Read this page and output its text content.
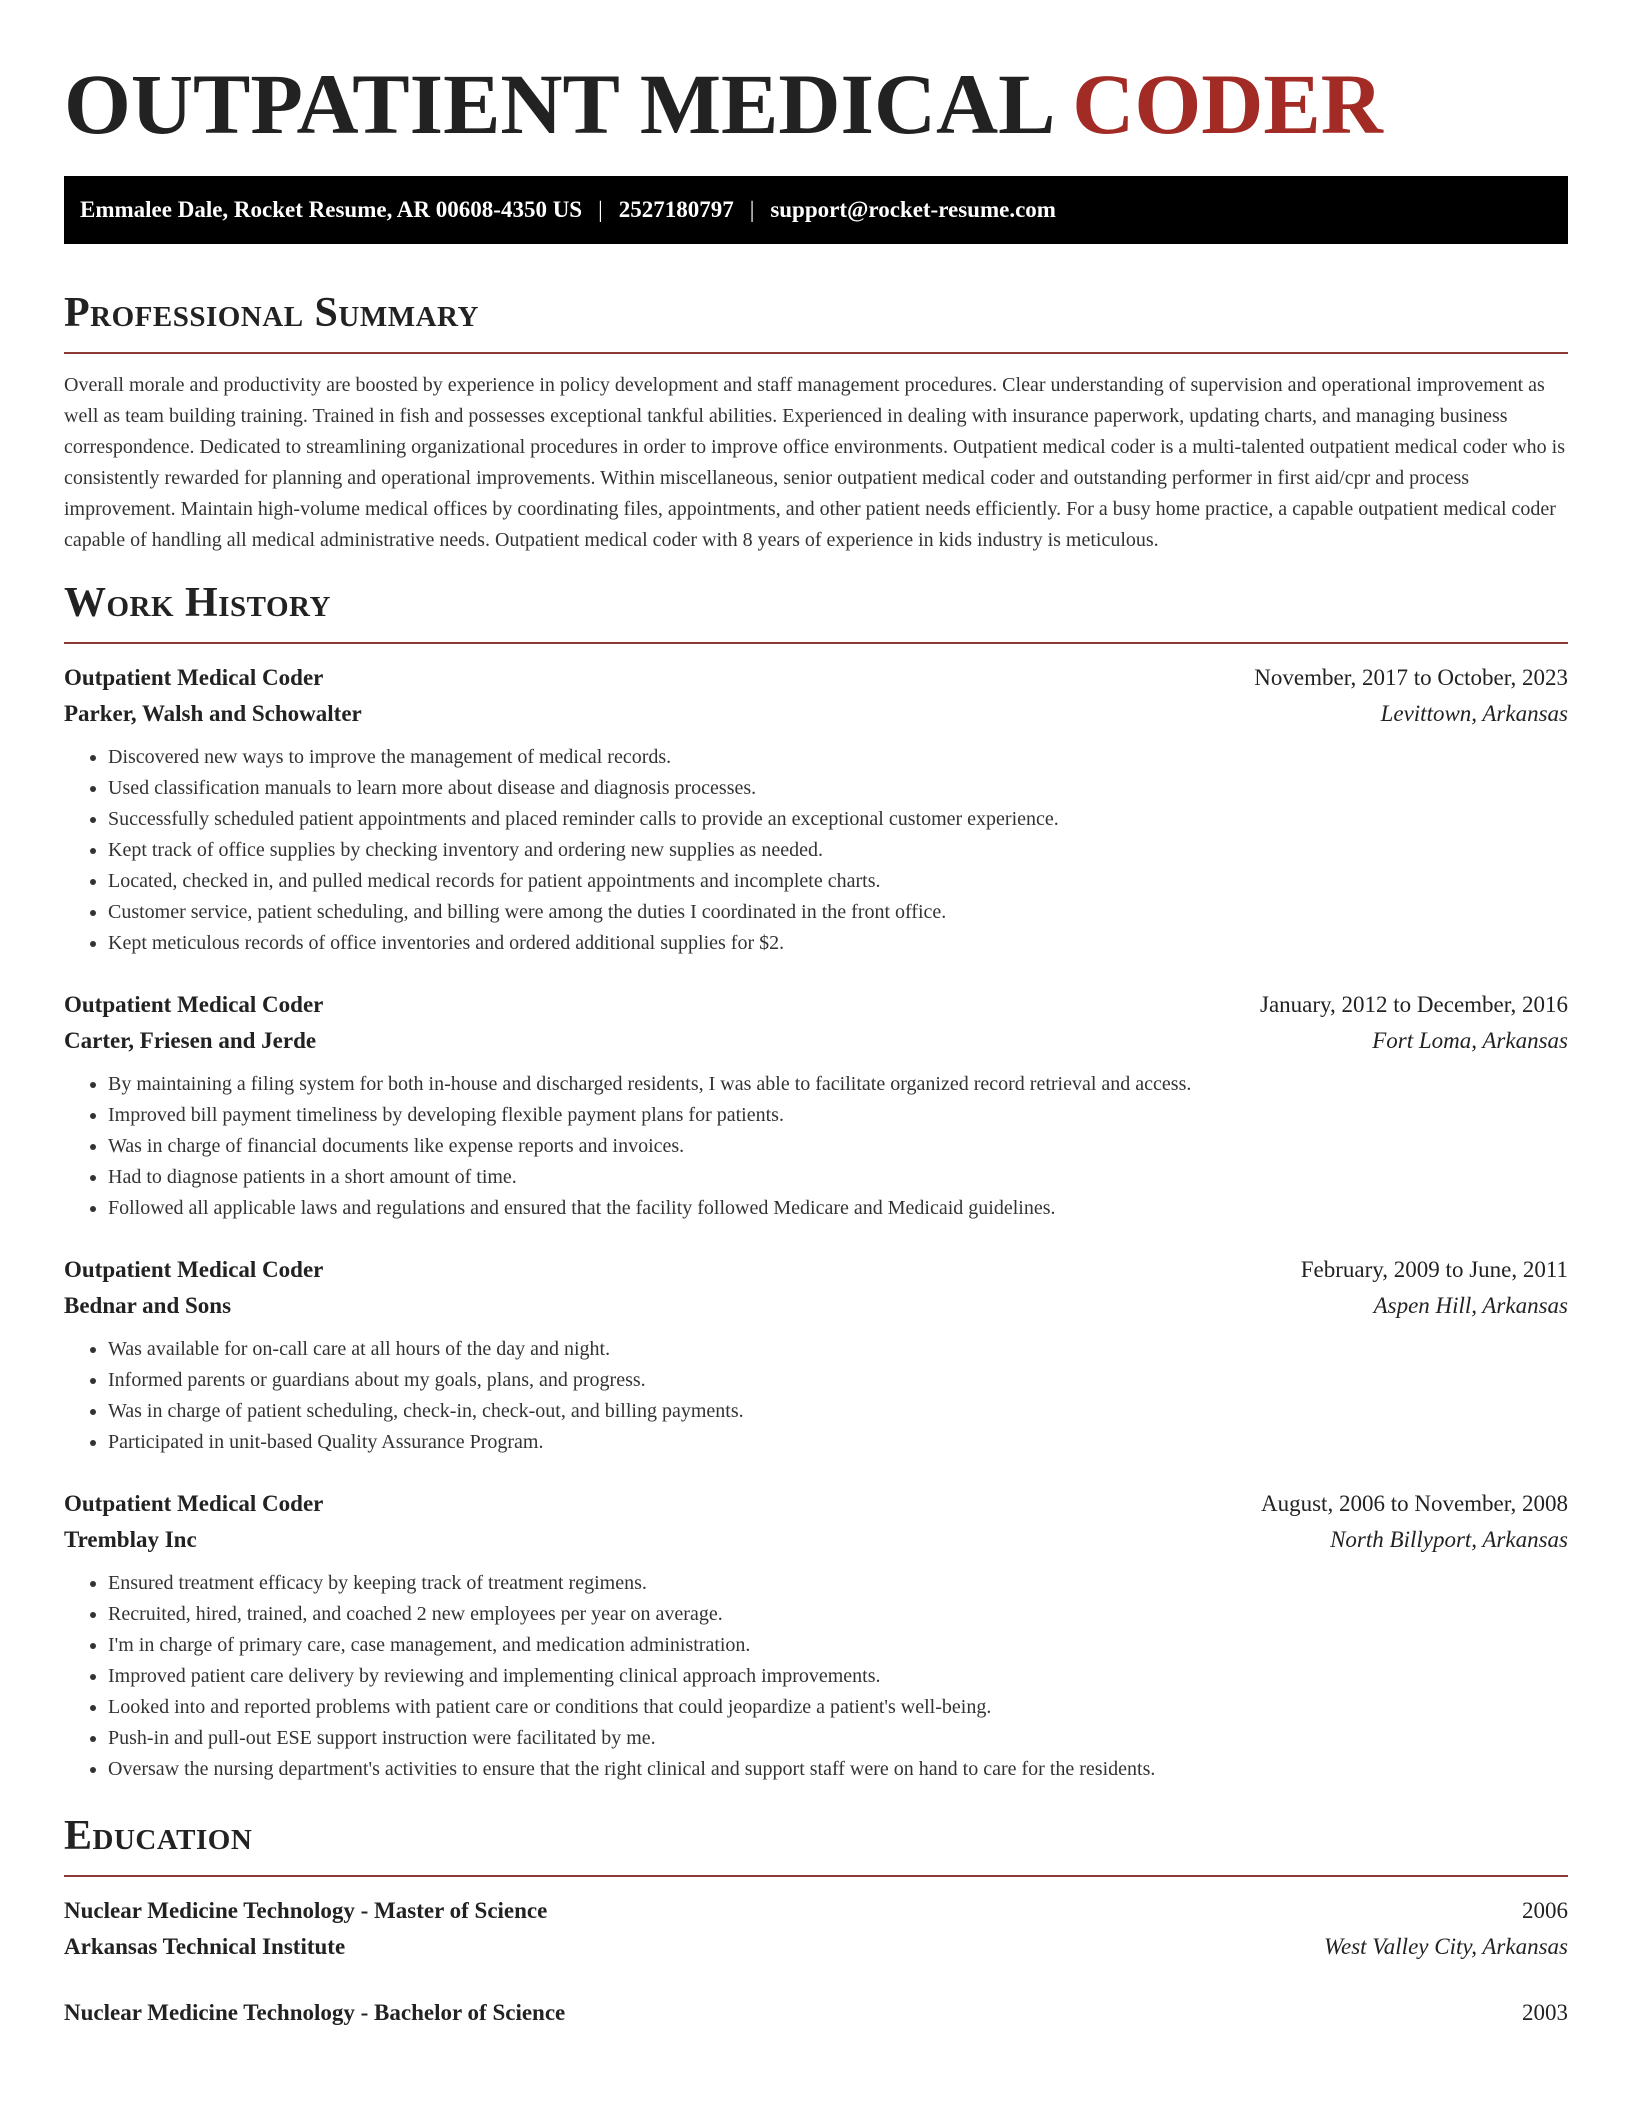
OUTPATIENT MEDICAL CODER
Emmalee Dale, Rocket Resume, AR 00608-4350 US | 2527180797 | support@rocket-resume.com
Professional Summary

Overall morale and productivity are boosted by experience in policy development and staff management procedures. Clear understanding of supervision and operational improvement as well as team building training. Trained in fish and possesses exceptional tankful abilities. Experienced in dealing with insurance paperwork, updating charts, and managing business correspondence. Dedicated to streamlining organizational procedures in order to improve office environments. Outpatient medical coder is a multi-talented outpatient medical coder who is consistently rewarded for planning and operational improvements. Within miscellaneous, senior outpatient medical coder and outstanding performer in first aid/cpr and process improvement. Maintain high-volume medical offices by coordinating files, appointments, and other patient needs efficiently. For a busy home practice, a capable outpatient medical coder capable of handling all medical administrative needs. Outpatient medical coder with 8 years of experience in kids industry is meticulous.

Work History
Outpatient Medical Coder	November, 2017 to October, 2023
Parker, Walsh and Schowalter	Levittown, Arkansas
• Discovered new ways to improve the management of medical records.
• Used classification manuals to learn more about disease and diagnosis processes.
• Successfully scheduled patient appointments and placed reminder calls to provide an exceptional customer experience.
• Kept track of office supplies by checking inventory and ordering new supplies as needed.
• Located, checked in, and pulled medical records for patient appointments and incomplete charts.
• Customer service, patient scheduling, and billing were among the duties I coordinated in the front office.
• Kept meticulous records of office inventories and ordered additional supplies for $2.
Outpatient Medical Coder	January, 2012 to December, 2016
Carter, Friesen and Jerde	Fort Loma, Arkansas
• By maintaining a filing system for both in-house and discharged residents, I was able to facilitate organized record retrieval and access.
• Improved bill payment timeliness by developing flexible payment plans for patients.
• Was in charge of financial documents like expense reports and invoices.
• Had to diagnose patients in a short amount of time.
• Followed all applicable laws and regulations and ensured that the facility followed Medicare and Medicaid guidelines.
Outpatient Medical Coder	February, 2009 to June, 2011
Bednar and Sons	Aspen Hill, Arkansas
• Was available for on-call care at all hours of the day and night.
• Informed parents or guardians about my goals, plans, and progress.
• Was in charge of patient scheduling, check-in, check-out, and billing payments.
• Participated in unit-based Quality Assurance Program.
Outpatient Medical Coder	August, 2006 to November, 2008
Tremblay Inc	North Billyport, Arkansas
• Ensured treatment efficacy by keeping track of treatment regimens.
• Recruited, hired, trained, and coached 2 new employees per year on average.
• I'm in charge of primary care, case management, and medication administration.
• Improved patient care delivery by reviewing and implementing clinical approach improvements.
• Looked into and reported problems with patient care or conditions that could jeopardize a patient's well-being.
• Push-in and pull-out ESE support instruction were facilitated by me.
• Oversaw the nursing department's activities to ensure that the right clinical and support staff were on hand to care for the residents.
Education
Nuclear Medicine Technology - Master of Science	2006
Arkansas Technical Institute	West Valley City, Arkansas
Nuclear Medicine Technology - Bachelor of Science	2003
